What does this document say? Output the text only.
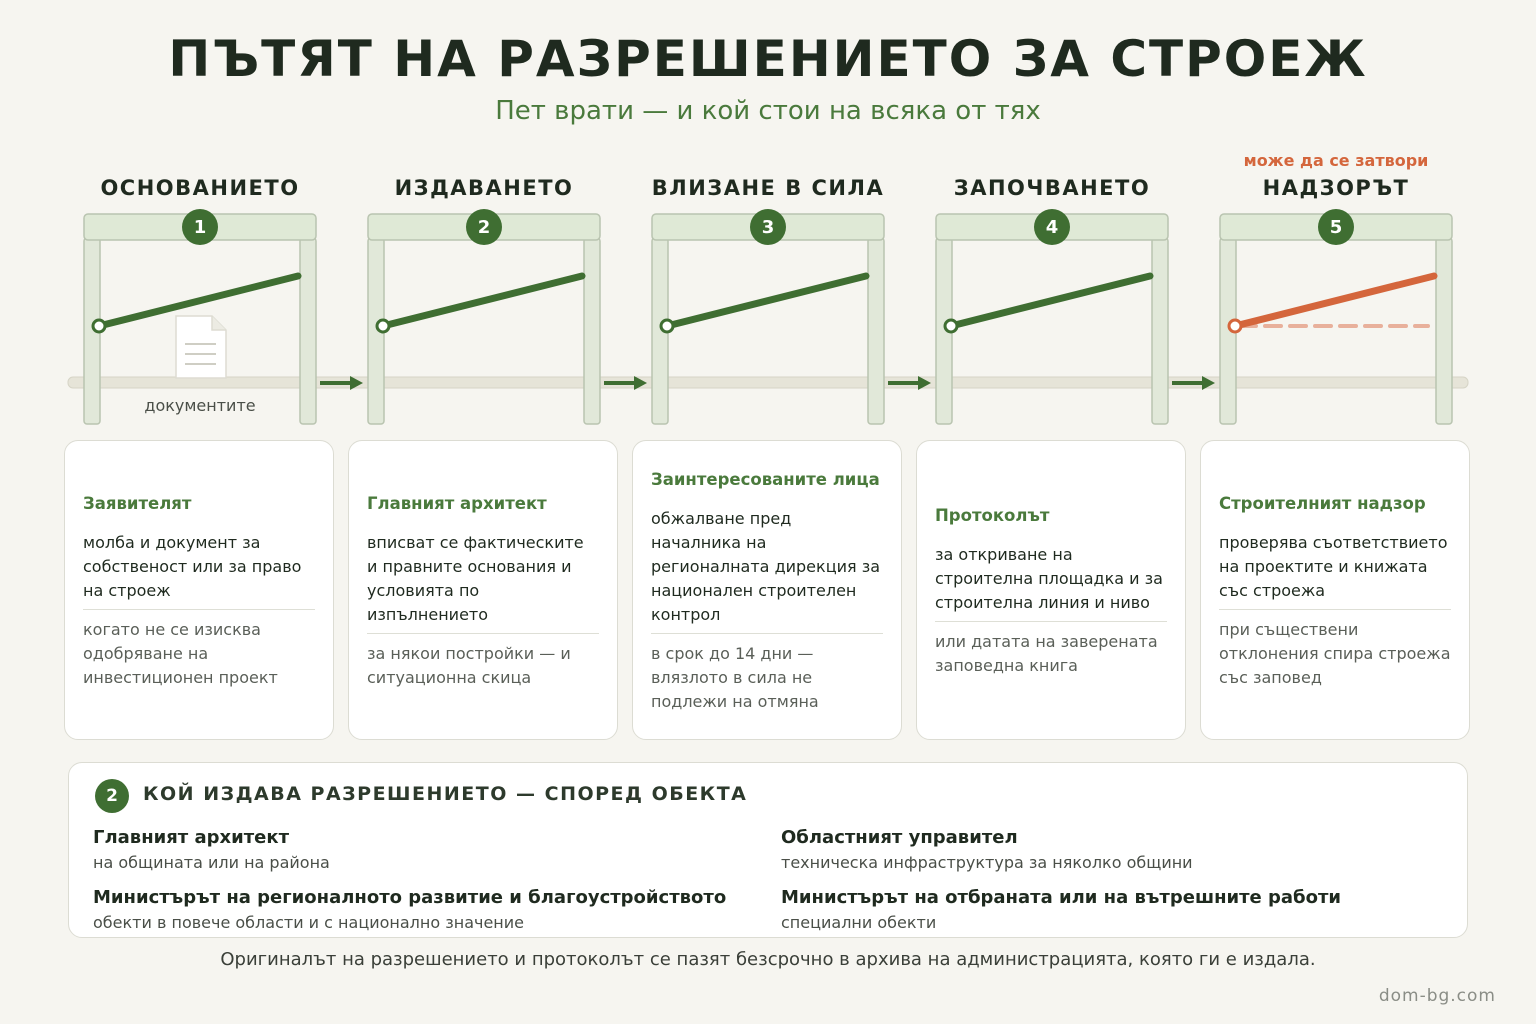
ПЪТЯТ НА РАЗРЕШЕНИЕТО ЗА СТРОЕЖ

Пет врати — и кой стои на всяка от тях

ОСНОВАНИЕТО	ИЗДАВАНЕТО	ВЛИЗАНЕ В СИЛА	ЗАПОЧВАНЕТО
може да се затвори
НАДЗОРЪТ
1	2	3	4	5
документите
Заявителят
молба и документ за собственост или за право на строеж
когато не се изисква одобряване на инвестиционен проект
Главният архитект
вписват се фактическите и правните основания и условията по изпълнението
за някои постройки — и ситуационна скица
Заинтересованите лица
обжалване пред началника на регионалната дирекция за национален строителен контрол
в срок до 14 дни — влязлото в сила не подлежи на отмяна
Протоколът
за откриване на строителна площадка и за строителна линия и ниво
или датата на заверената заповедна книга
Строителният надзор
проверява съответствието на проектите и книжата със строежа
при съществени отклонения спира строежа със заповед
2	КОЙ ИЗДАВА РАЗРЕШЕНИЕТО — СПОРЕД ОБЕКТА
Главният архитект
на общината или на района
Областният управител
техническа инфраструктура за няколко общини
Министърът на регионалното развитие и благоустройството
обекти в повече области и с национално значение
Министърът на отбраната или на вътрешните работи
специални обекти
Оригиналът на разрешението и протоколът се пазят безсрочно в архива на администрацията, която ги е издала.
dom-bg.com
